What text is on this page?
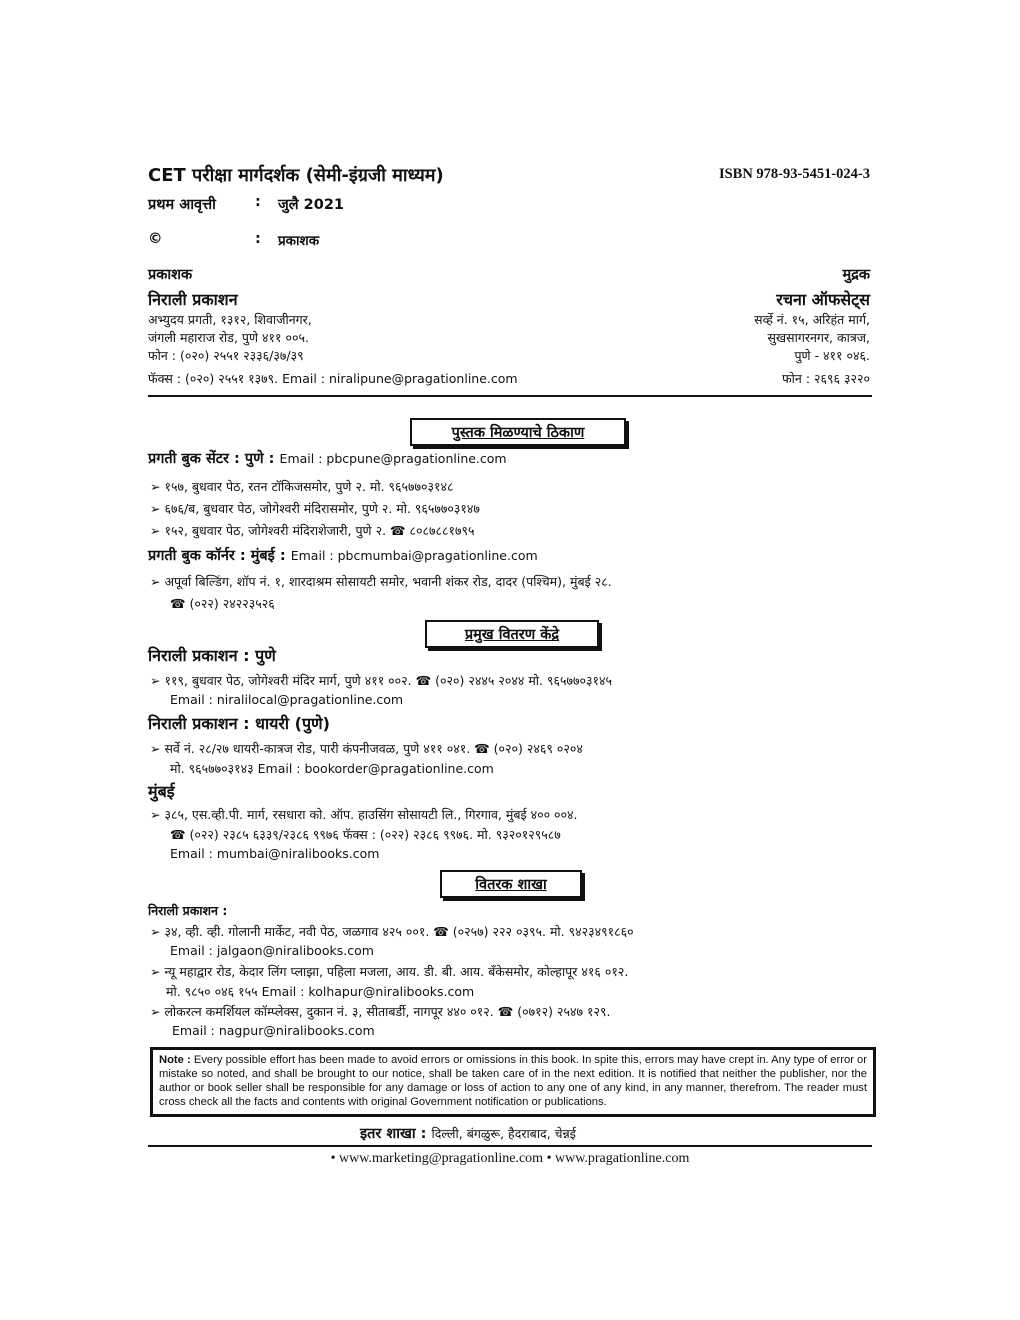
CET परीक्षा मार्गदर्शक (सेमी-इंग्रजी माध्यम)	ISBN 978-93-5451-024-3
प्रथम आवृत्ती	: जुलै 2021
©	: प्रकाशक
प्रकाशक
निराली प्रकाशन
अभ्युदय प्रगती, १३१२, शिवाजीनगर,
जंगली महाराज रोड, पुणे ४११ ००५.
फोन : (०२०) २५५१ २३३६/३७/३९
फॅक्स : (०२०) २५५१ १३७९. Email : niralipune@pragationline.com
मुद्रक
रचना ऑफसेट्स
सर्व्हे नं. १५, अरिहंत मार्ग,
सुखसागरनगर, कात्रज,
पुणे - ४११ ०४६.
फोन : २६९६ ३२२०
पुस्तक मिळण्याचे ठिकाण
प्रगती बुक सेंटर : पुणे : Email : pbcpune@pragationline.com
➢ १५७, बुधवार पेठ, रतन टॉकिजसमोर, पुणे २. मो. ९६५७७०३१४८
➢ ६७६/ब, बुधवार पेठ, जोगेश्वरी मंदिरासमोर, पुणे २. मो. ९६५७७०३१४७
➢ १५२, बुधवार पेठ, जोगेश्वरी मंदिराशेजारी, पुणे २. ☎ ८०८७८८१७९५
प्रगती बुक कॉर्नर : मुंबई : Email : pbcmumbai@pragationline.com
➢ अपूर्वा बिल्डिंग, शॉप नं. १, शारदाश्रम सोसायटी समोर, भवानी शंकर रोड, दादर (पश्चिम), मुंबई २८.
☎ (०२२) २४२२३५२६
प्रमुख वितरण केंद्रे
निराली प्रकाशन : पुणे
➢ ११९, बुधवार पेठ, जोगेश्वरी मंदिर मार्ग, पुणे ४११ ००२. ☎ (०२०) २४४५ २०४४ मो. ९६५७७०३१४५
Email : niralilocal@pragationline.com
निराली प्रकाशन : धायरी (पुणे)
➢ सर्वे नं. २८/२७ धायरी-कात्रज रोड, पारी कंपनीजवळ, पुणे ४११ ०४१. ☎ (०२०) २४६९ ०२०४
मो. ९६५७७०३१४३ Email : bookorder@pragationline.com
मुंबई
➢ ३८५, एस.व्ही.पी. मार्ग, रसधारा को. ऑप. हाउसिंग सोसायटी लि., गिरगाव, मुंबई ४०० ००४.
☎ (०२२) २३८५ ६३३९/२३८६ ९९७६ फॅक्स : (०२२) २३८६ ९९७६. मो. ९३२०१२९५८७
Email : mumbai@niralibooks.com
वितरक शाखा
निराली प्रकाशन :
➢ ३४, व्ही. व्ही. गोलानी मार्केट, नवी पेठ, जळगाव ४२५ ००१. ☎ (०२५७) २२२ ०३९५. मो. ९४२३४९१८६०
Email : jalgaon@niralibooks.com
➢ न्यू महाद्वार रोड, केदार लिंग प्लाझा, पहिला मजला, आय. डी. बी. आय. बँकेसमोर, कोल्हापूर ४१६ ०१२.
मो. ९८५० ०४६ १५५ Email : kolhapur@niralibooks.com
➢ लोकरत्न कमर्शियल कॉम्प्लेक्स, दुकान नं. ३, सीताबर्डी, नागपूर ४४० ०१२. ☎ (०७१२) २५४७ १२९.
Email : nagpur@niralibooks.com
Note : Every possible effort has been made to avoid errors or omissions in this book. In spite this, errors may have crept in. Any type of error or mistake so noted, and shall be brought to our notice, shall be taken care of in the next edition. It is notified that neither the publisher, nor the author or book seller shall be responsible for any damage or loss of action to any one of any kind, in any manner, therefrom. The reader must cross check all the facts and contents with original Government notification or publications.
इतर शाखा : दिल्ली, बंगळुरू, हैदराबाद, चेन्नई
• www.marketing@pragationline.com • www.pragationline.com
